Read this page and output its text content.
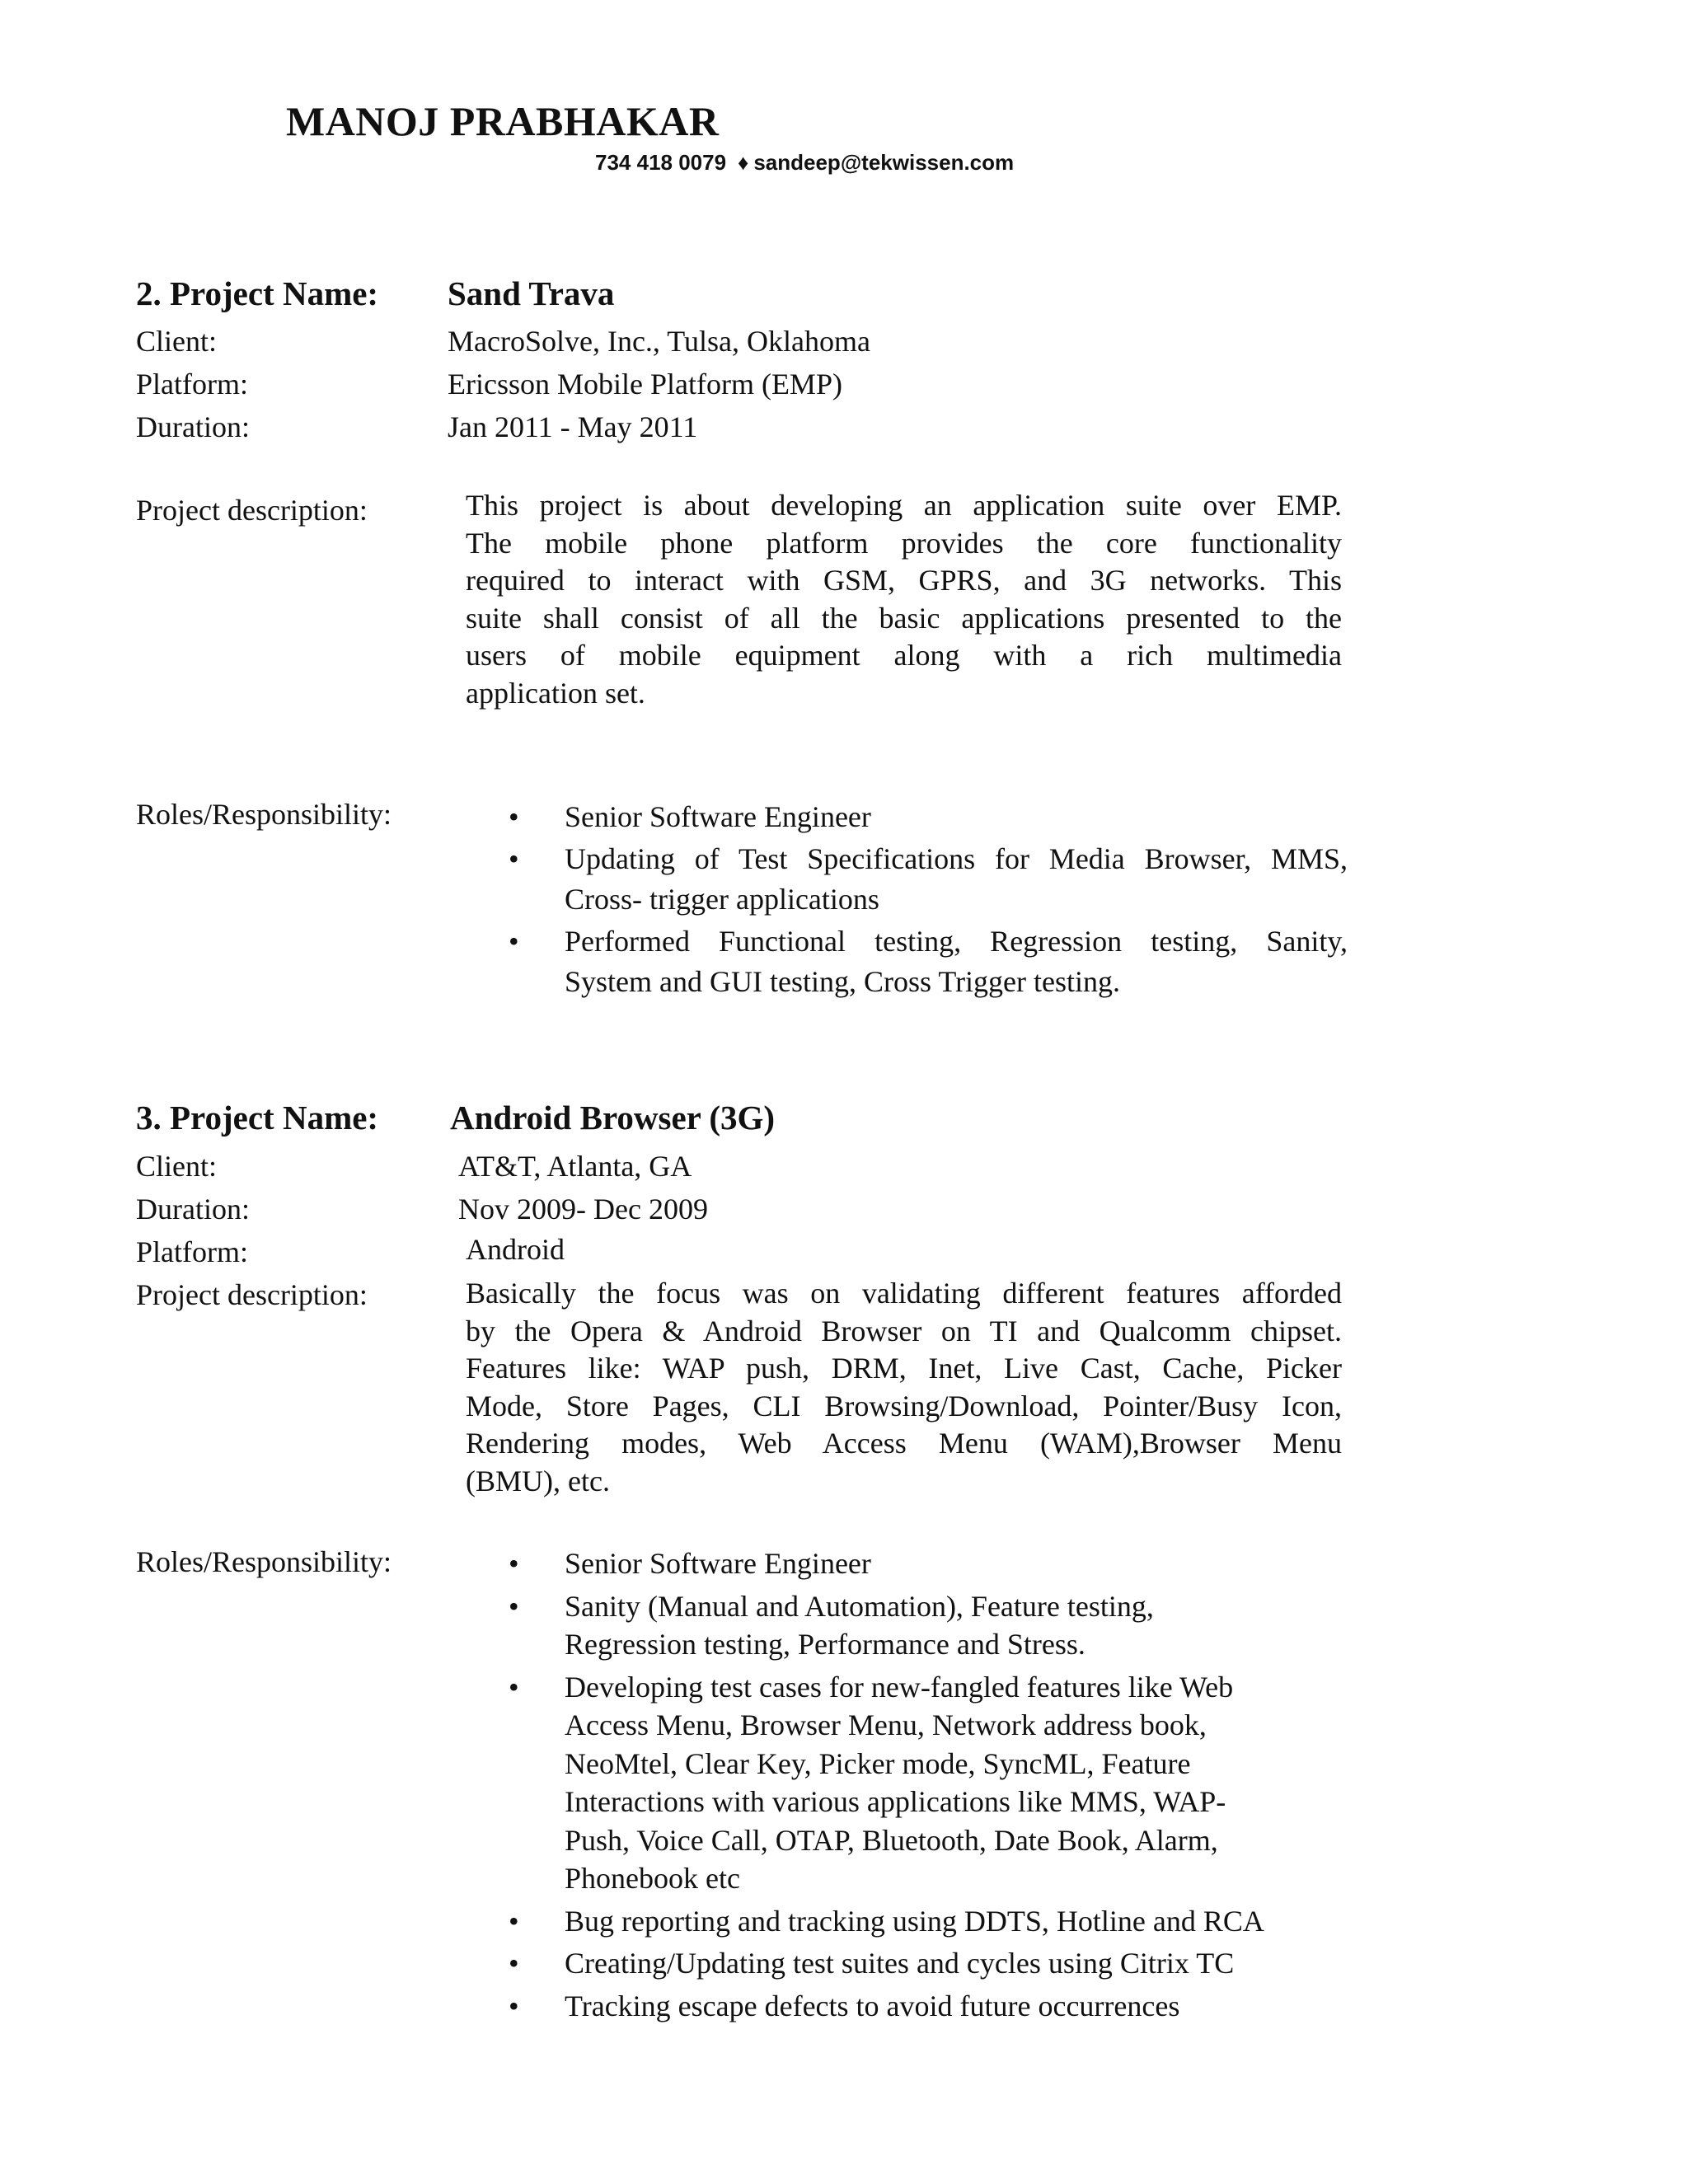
MANOJ PRABHAKAR
734 418 0079 ♦ sandeep@tekwissen.com
2. Project Name: Sand Trava
Client:	MacroSolve, Inc., Tulsa, Oklahoma
Platform:	Ericsson Mobile Platform (EMP)
Duration:	Jan 2011 - May 2011
Project description:	This project is about developing an application suite over EMP.
The mobile phone platform provides the core functionality
required to interact with GSM, GPRS, and 3G networks. This
suite shall consist of all the basic applications presented to the
users of mobile equipment along with a rich multimedia
application set.
Roles/Responsibility:	• Senior Software Engineer
• Updating of Test Specifications for Media Browser, MMS,
Cross- trigger applications
• Performed Functional testing, Regression testing, Sanity,
System and GUI testing, Cross Trigger testing.
3. Project Name: Android Browser (3G)
Client:	AT&T, Atlanta, GA
Duration:	Nov 2009- Dec 2009
Platform:	Android
Project description:	Basically the focus was on validating different features afforded
by the Opera & Android Browser on TI and Qualcomm chipset.
Features like: WAP push, DRM, Inet, Live Cast, Cache, Picker
Mode, Store Pages, CLI Browsing/Download, Pointer/Busy Icon,
Rendering modes, Web Access Menu (WAM),Browser Menu
(BMU), etc.
Roles/Responsibility:	• Senior Software Engineer
• Sanity (Manual and Automation), Feature testing,
Regression testing, Performance and Stress.
• Developing test cases for new-fangled features like Web
Access Menu, Browser Menu, Network address book,
NeoMtel, Clear Key, Picker mode, SyncML, Feature
Interactions with various applications like MMS, WAP-
Push, Voice Call, OTAP, Bluetooth, Date Book, Alarm,
Phonebook etc
• Bug reporting and tracking using DDTS, Hotline and RCA
• Creating/Updating test suites and cycles using Citrix TC
• Tracking escape defects to avoid future occurrences
